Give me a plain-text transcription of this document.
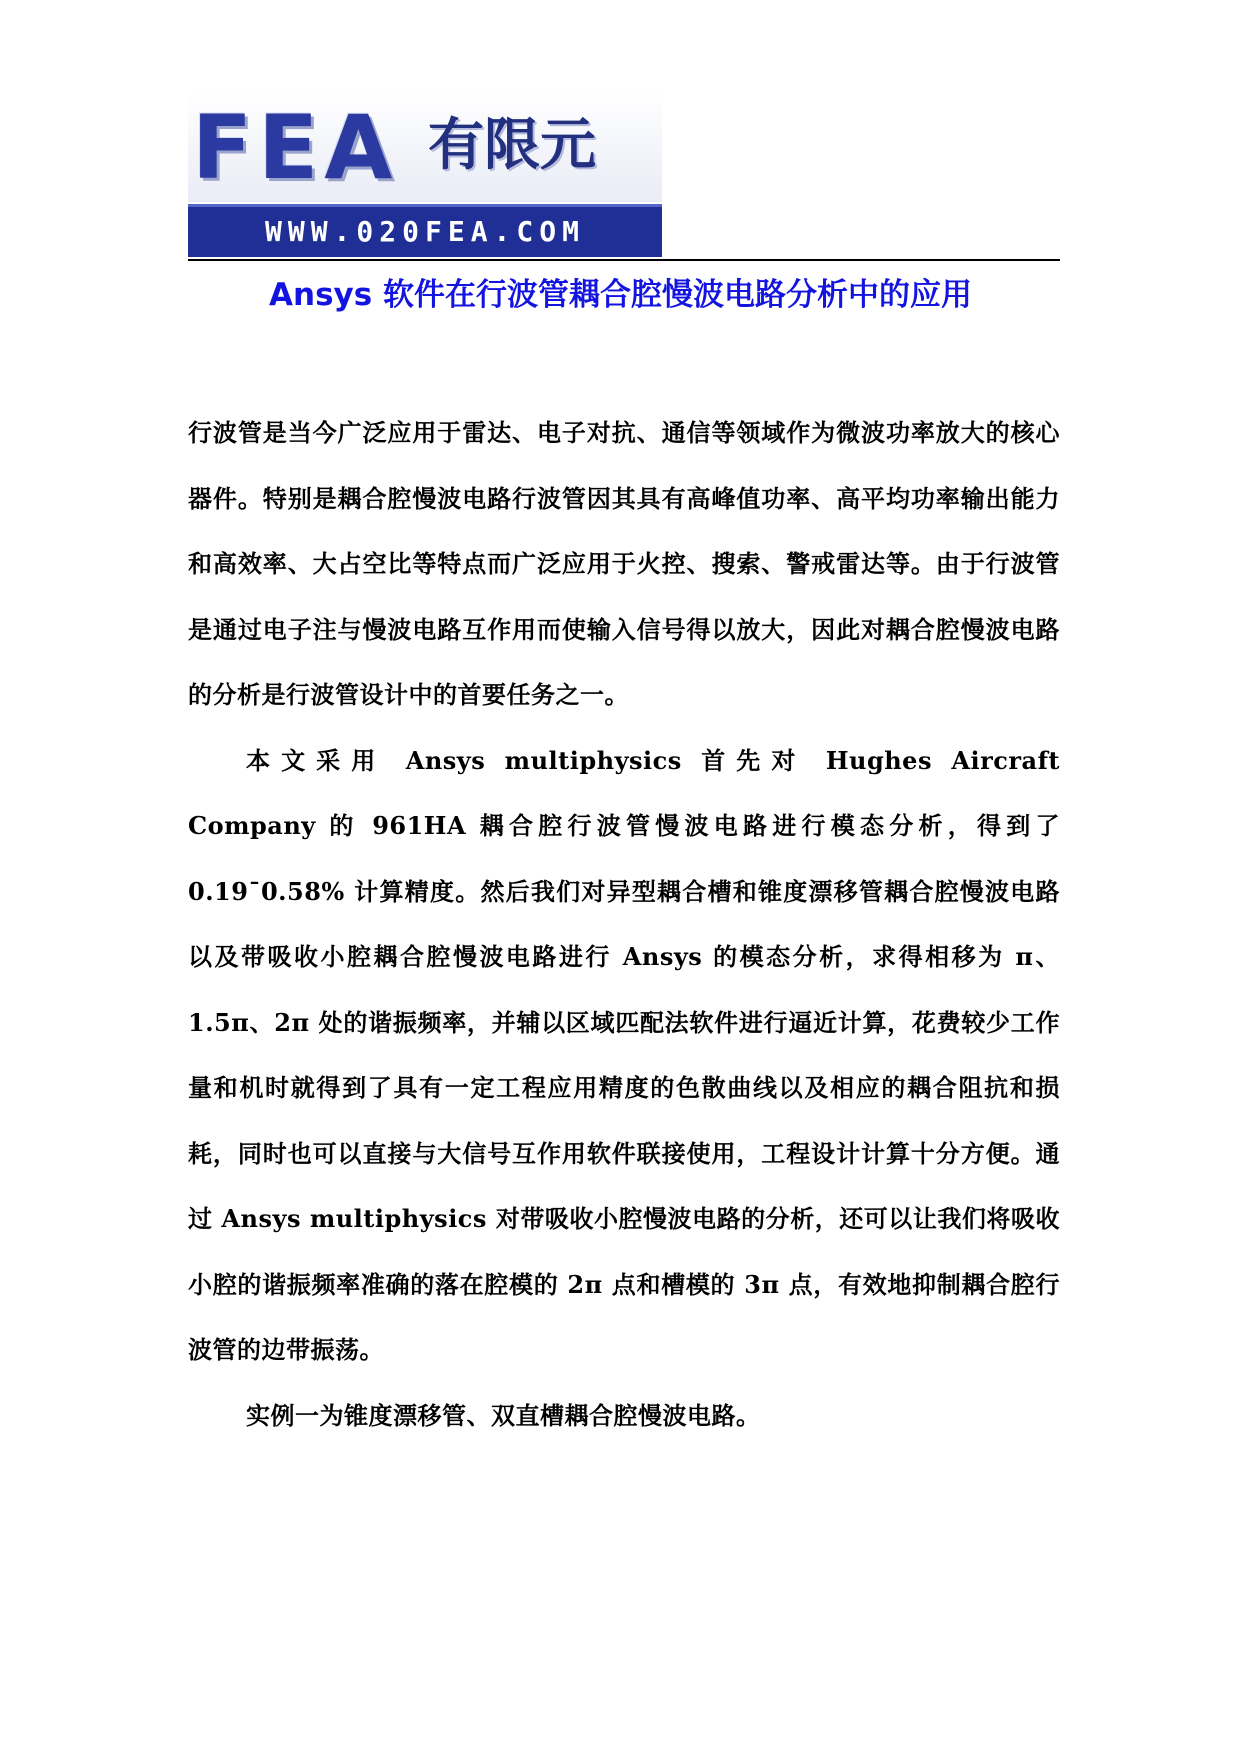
FEA 有限元
WWW.020FEA.COM
Ansys 软件在行波管耦合腔慢波电路分析中的应用

行波管是当今广泛应用于雷达、电子对抗、通信等领域作为微波功率放大的核心器件。特别是耦合腔慢波电路行波管因其具有高峰值功率、高平均功率输出能力和高效率、大占空比等特点而广泛应用于火控、搜索、警戒雷达等。由于行波管是通过电子注与慢波电路互作用而使输入信号得以放大，因此对耦合腔慢波电路的分析是行波管设计中的首要任务之一。

本文采用 Ansys multiphysics 首先对 Hughes Aircraft Company 的 961HA 耦合腔行波管慢波电路进行模态分析，得到了 0.19¯0.58% 计算精度。然后我们对异型耦合槽和锥度漂移管耦合腔慢波电路以及带吸收小腔耦合腔慢波电路进行 Ansys 的模态分析，求得相移为 π、1.5π、2π 处的谐振频率，并辅以区域匹配法软件进行逼近计算，花费较少工作量和机时就得到了具有一定工程应用精度的色散曲线以及相应的耦合阻抗和损耗，同时也可以直接与大信号互作用软件联接使用，工程设计计算十分方便。通过 Ansys multiphysics 对带吸收小腔慢波电路的分析，还可以让我们将吸收小腔的谐振频率准确的落在腔模的 2π 点和槽模的 3π 点，有效地抑制耦合腔行波管的边带振荡。

实例一为锥度漂移管、双直槽耦合腔慢波电路。
